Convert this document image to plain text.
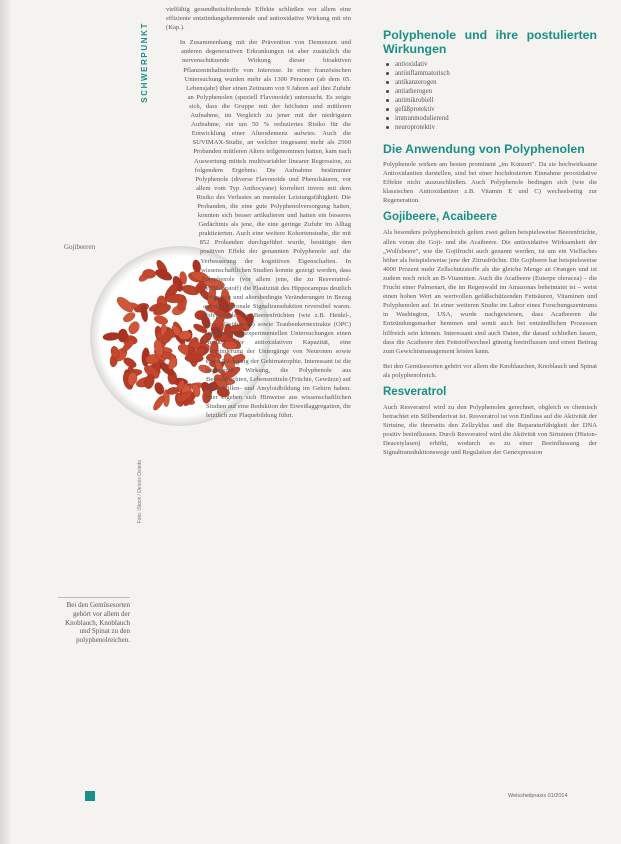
SCHWERPUNKT
Foto: iStock / Dennis Oviedo
Gojibeeren
Bei den Gemüsesorten gehört vor allem der Knoblauch, Knoblauch und Spinat zu den polyphenolreichen.

vielfältig gesundheitsfördernde Effekte schließen vor allem eine effiziente entzündungshemmende und antioxidative Wirkung mit ein (Kap.).

In Zusammenhang mit der Prävention von Demenzen und anderen degenerativen Erkrankungen ist aber zusätzlich die nervenschützende Wirkung dieser bioaktiven Pflanzeninhaltsstoffe von Interesse. In einer französischen Untersuchung wurden mehr als 1300 Personen (ab dem 65. Lebensjahr) über einen Zeitraum von 9 Jahren auf ihre Zufuhr an Polyphenolen (speziell Flavonoide) untersucht. Es zeigte sich, dass die Gruppe mit der höchsten und mittleren Aufnahme, im Vergleich zu jener mit der niedrigsten Aufnahme, ein um 50 % reduziertes Risiko für die Entwicklung einer Altersdemenz aufwies. Auch die SUVIMAX-Studie, an welcher insgesamt mehr als 2500 Probanden mittleren Alters teilgenommen hatten, kam nach Auswertung mittels multivariabler linearer Regression, zu folgendem Ergebnis: Die Aufnahme bestimmter Polyphenole (diverse Flavonoide und Phenolsäuren, vor allem vom Typ Anthocyane) korreliert invers mit dem Risiko des Verlustes an mentaler Leistungsfähigkeit. Die Probanden, die eine gute Polyphenolversorgung hatten, konnten sich besser artikulieren und hatten ein besseres Gedächtnis als jene, die eine geringe Zufuhr im Alltag praktizierten. Auch eine weitere Kohortenstudie, die mit 852 Probanden durchgeführt wurde, bestätigte den positiven Effekt der genannten Polyphenole auf die Verbesserung der kognitiven Eigenschaften. In wissenschaftlichen Studien konnte gezeigt werden, dass Polyphenole (vor allem jene, die zu Resveratrol-Sekundärstoff) die Plastizität des Hippocampus deutlich verbessern und altersbedingte Veränderungen in Bezug auf die neuronale Signaltransduktion reversibel waren. Polyphenole aus Beerenfrüchten (wie z.B. Heidel-, Acai-, Gojibeeren) sowie Traubenkernextrakte (OPC) ergaben in tierexperimentellen Untersuchungen einen Anstieg der antioxidativen Kapazität, eine Verminderung der Untergänge von Neuronen sowie einen Rückgang der Gehirnatrophie. Interessant ist die hemmende Wirkung, die Polyphenole aus Beerenfrüchten, Lebensmitteln (Früchte, Gewürze) auf die Fibrillen- und Amyloidbildung im Gehirn haben. Hier ergeben sich Hinweise aus wissenschaftlichen Studien auf eine Reduktion der Eiweißaggregation, die letztlich zur Plaquebildung führt.

Polyphenole und ihre postulierten Wirkungen
antioxidativ
antiinflammatorisch
antikanzerogen
antiatherogen
antimikrobiell
gefäßprotektiv
immunmodulierend
neuroprotektiv
Die Anwendung von Polyphenolen

Polyphenole wirken am besten prominent „im Konzert". Da sie hochwirksame Antioxidantien darstellen, sind bei einer hochdosierten Einnahme prooxidative Effekte nicht auszuschließen. Auch Polyphenole bedingen sich (wie die klassischen Antioxidantien z.B. Vitamin E und C) wechselseitig zur Regeneration.

Gojibeere, Acaibeere

Als besonders polyphenolreich gelten zwei gelten beispielsweise Beerenfrüchte, allen voran die Goji- und die Acaibeere. Die antioxidative Wirksamkeit der „Wolfsbeere", wie die Gojifrucht auch genannt werden, ist um ein Vielfaches höher als beispielsweise jene der Zitrusfrüchte. Die Gojibeere hat beispielsweise 4000 Prozent mehr Zellschutzstoffe als die gleiche Menge an Orangen und ist zudem noch reich an B-Vitaminen. Auch die Acaibeere (Euterpe oleracea) – die Frucht einer Palmenart, die im Regenwald im Amazonas beheimatet ist – weist einen hohen Wert an wertvollen gefäßschützenden Fettsäuren, Vitaminen und Polyphenolen auf. In einer weiteren Studie im Labor eines Forschungszentrums in Washington, USA, wurde nachgewiesen, dass Acaibeeren die Entzündungsmarker hemmen und somit auch bei entzündlichen Prozessen hilfreich sein können. Interessant sind auch Daten, die darauf schließen lassen, dass die Acaibeere den Fettstoffwechsel günstig beeinflussen und einen Beitrag zum Gewichtsmanagement leisten kann.

Bei den Gemüsesorten gehört vor allem die Knoblauchen, Knoblauch und Spinat als polyphenolreich.

Resveratrol

Auch Resveratrol wird zu den Polyphenolen gerechnet, obgleich es chemisch betrachtet ein Stilbenderivat ist. Resveratrol ist von Einfluss auf die Aktivität der Sirtuine, die ihrerseits den Zellzyklus und die Reparaturfähigkeit der DNA positiv beeinflussen. Durch Resveratrol wird die Aktivität von Sirtuinen (Histon-Deacetylasen) erhöht, wodurch es zu einer Beeinflussung der Signaltransduktionswege und Regulation der Genexpression

Weissheilpraxis 01/2014
